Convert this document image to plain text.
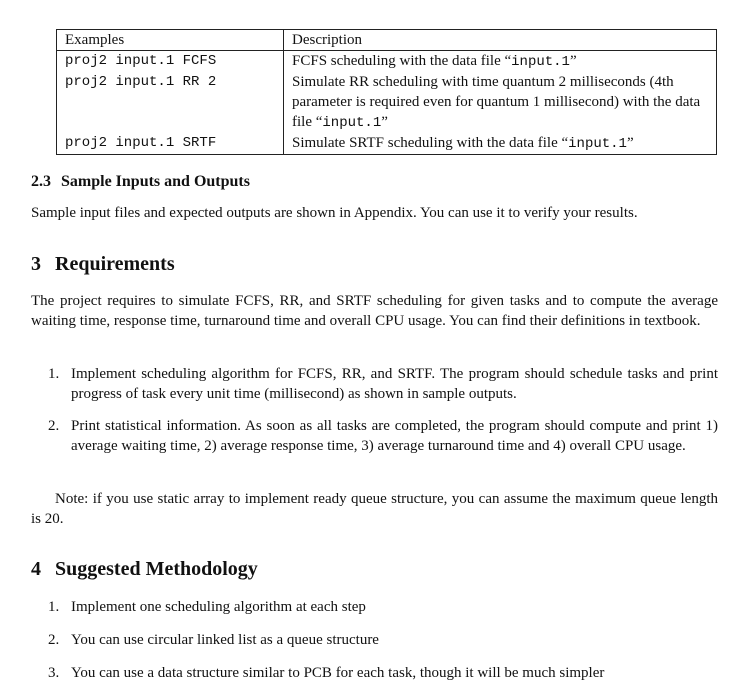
Examples	Description
proj2 input.1 FCFS	FCFS scheduling with the data file “input.1”
proj2 input.1 RR 2	Simulate RR scheduling with time quantum 2 milliseconds (4th parameter is required even for quantum 1 millisecond) with the data file “input.1”
proj2 input.1 SRTF	Simulate SRTF scheduling with the data file “input.1”
2.3 Sample Inputs and Outputs
Sample input files and expected outputs are shown in Appendix. You can use it to verify your results.
3 Requirements
The project requires to simulate FCFS, RR, and SRTF scheduling for given tasks and to compute the average waiting time, response time, turnaround time and overall CPU usage. You can find their definitions in textbook.
1. Implement scheduling algorithm for FCFS, RR, and SRTF. The program should schedule tasks and print progress of task every unit time (millisecond) as shown in sample outputs.
2. Print statistical information. As soon as all tasks are completed, the program should compute and print 1) average waiting time, 2) average response time, 3) average turnaround time and 4) overall CPU usage.
Note: if you use static array to implement ready queue structure, you can assume the maximum queue length is 20.
4 Suggested Methodology
1. Implement one scheduling algorithm at each step
2. You can use circular linked list as a queue structure
3. You can use a data structure similar to PCB for each task, though it will be much simpler
